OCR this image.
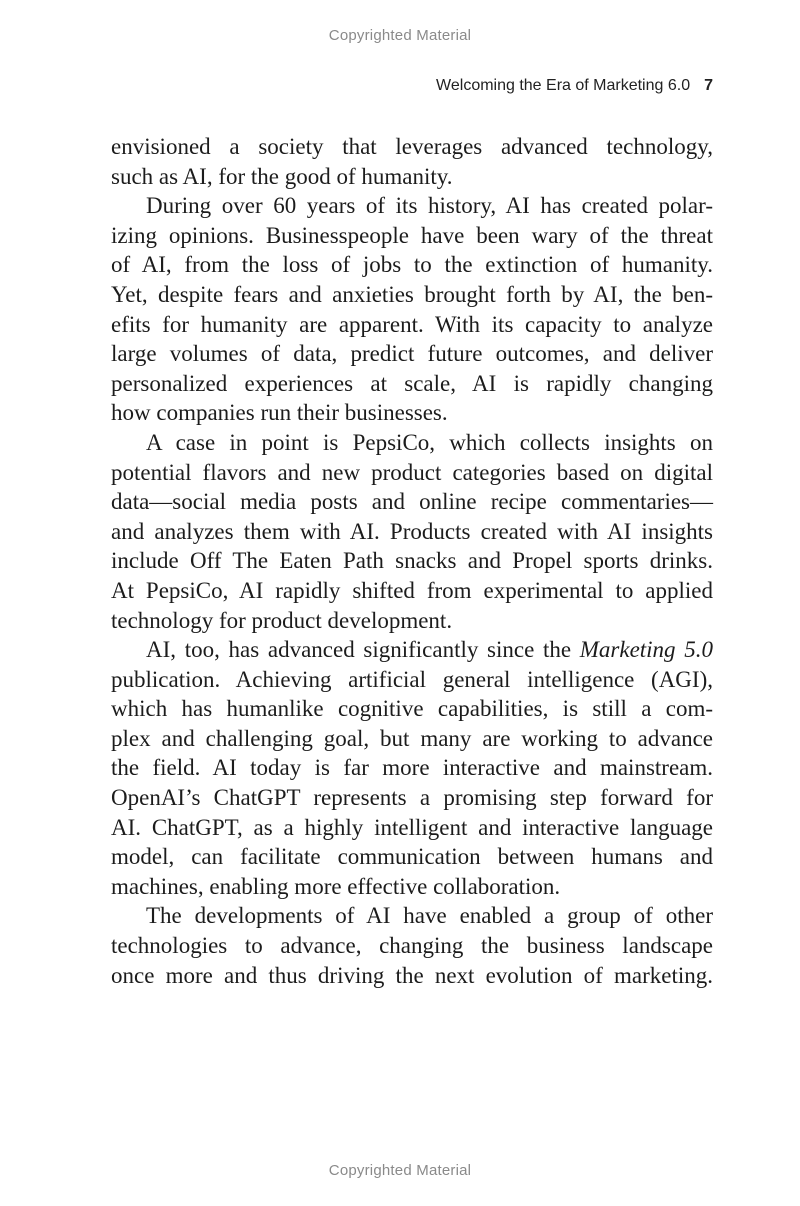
Copyrighted Material
Welcoming the Era of Marketing 6.0 7

envisioned a society that leverages advanced technology,
such as AI, for the good of humanity.

During over 60 years of its history, AI has created polar-
izing opinions. Businesspeople have been wary of the threat
of AI, from the loss of jobs to the extinction of humanity.
Yet, despite fears and anxieties brought forth by AI, the ben-
efits for humanity are apparent. With its capacity to analyze
large volumes of data, predict future outcomes, and deliver
personalized experiences at scale, AI is rapidly changing
how companies run their businesses.

A case in point is PepsiCo, which collects insights on
potential flavors and new product categories based on digital
data—social media posts and online recipe commentaries—
and analyzes them with AI. Products created with AI insights
include Off The Eaten Path snacks and Propel sports drinks.
At PepsiCo, AI rapidly shifted from experimental to applied
technology for product development.

AI, too, has advanced significantly since the Marketing 5.0
publication. Achieving artificial general intelligence (AGI),
which has humanlike cognitive capabilities, is still a com-
plex and challenging goal, but many are working to advance
the field. AI today is far more interactive and mainstream.
OpenAI’s ChatGPT represents a promising step forward for
AI. ChatGPT, as a highly intelligent and interactive language
model, can facilitate communication between humans and
machines, enabling more effective collaboration.

The developments of AI have enabled a group of other
technologies to advance, changing the business landscape
once more and thus driving the next evolution of marketing.

Copyrighted Material
